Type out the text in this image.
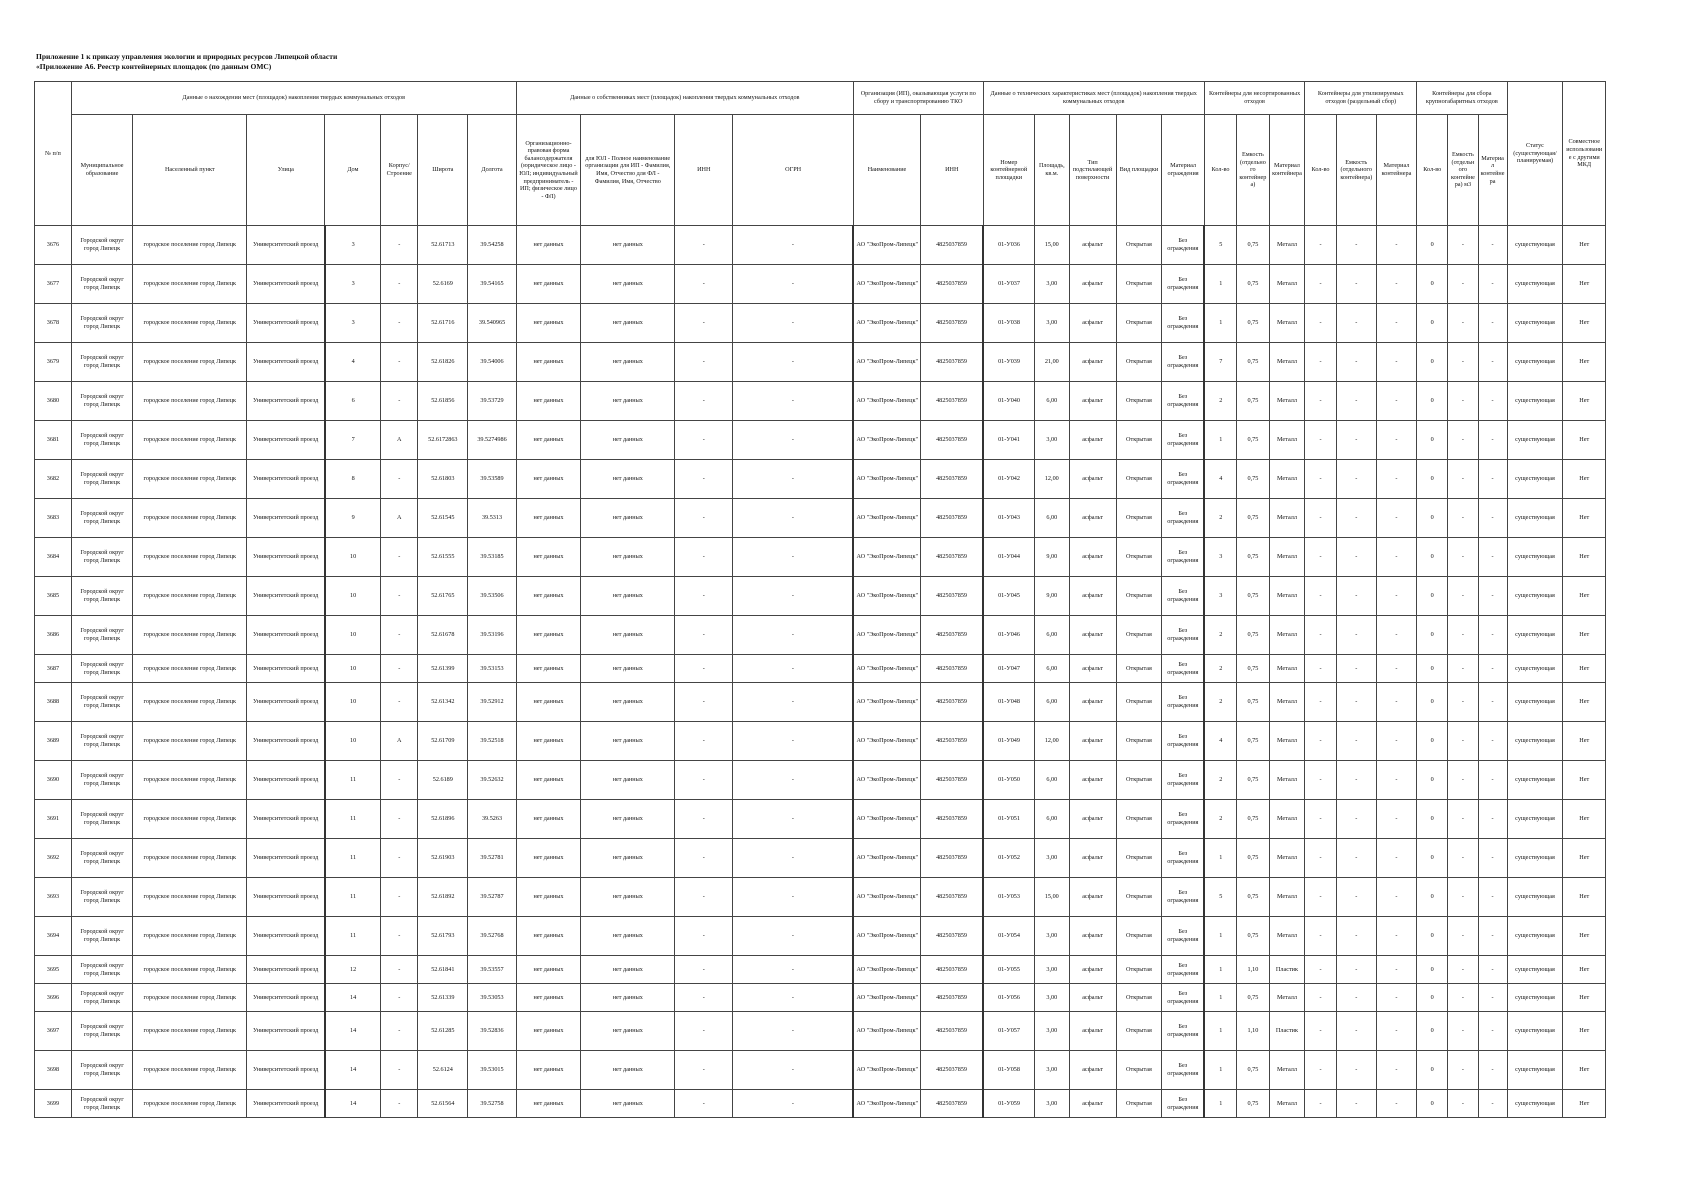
Приложение 1 к приказу управления экологии и природных ресурсов Липецкой области
«Приложение А6. Реестр контейнерных площадок (по данным ОМС)
№ п/п	Данные о нахождении мест (площадок) накопления твердых коммунальных отходов							Данные о собственниках мест (площадок) накопления твердых коммунальных отходов				Организация (ИП), оказывающая услуги по сбору и транспортированию ТКО		Данные о технических характеристиках мест (площадок) накопления твердых коммунальных отходов					Контейнеры для несортированных отходов			Контейнеры для утилизируемых отходов (раздельный сбор)			Контейнеры для сбора крупногабаритных отходов			Статус (существующая/планируемая)	Совместное использование с другими МКД
	Муниципальное образование	Населенный пункт	Улица	Дом	Корпус/Строение	Широта	Долгота	Организационно-правовая форма балансодержателя (юридическое лицо - ЮЛ; индивидуальный предприниматель - ИП; физическое лицо - ФЛ)	для ЮЛ - Полное наименование организации для ИП - Фамилия, Имя, Отчество для ФЛ - Фамилия, Имя, Отчество	ИНН	ОГРН	Наименование	ИНН	Номер контейнерной площадки	Площадь, кв.м.	Тип подстилающей поверхности	Вид площадки	Материал ограждения	Кол-во	Емкость (отдельного контейнера)	Материал контейнера	Кол-во	Емкость (отдельного контейнера)	Материал контейнера	Кол-во	Емкость (отдельного контейнера) м3	Материал контейнера		
3676	Городской округ город Липецк	городское поселение город Липецк	Университетский проезд	3	-	52.61713	39.54258	нет данных	нет данных	-	-	АО "ЭкоПром-Липецк"	4825037859	01-У036	15,00	асфальт	Открытая	Без ограждения	5	0,75	Металл	-	-	-	0	-	-	существующая	Нет
3677	Городской округ город Липецк	городское поселение город Липецк	Университетский проезд	3	-	52.6169	39.54165	нет данных	нет данных	-	-	АО "ЭкоПром-Липецк"	4825037859	01-У037	3,00	асфальт	Открытая	Без ограждения	1	0,75	Металл	-	-	-	0	-	-	существующая	Нет
3678	Городской округ город Липецк	городское поселение город Липецк	Университетский проезд	3	-	52.61716	39.540965	нет данных	нет данных	-	-	АО "ЭкоПром-Липецк"	4825037859	01-У038	3,00	асфальт	Открытая	Без ограждения	1	0,75	Металл	-	-	-	0	-	-	существующая	Нет
3679	Городской округ город Липецк	городское поселение город Липецк	Университетский проезд	4	-	52.61826	39.54006	нет данных	нет данных	-	-	АО "ЭкоПром-Липецк"	4825037859	01-У039	21,00	асфальт	Открытая	Без ограждения	7	0,75	Металл	-	-	-	0	-	-	существующая	Нет
3680	Городской округ город Липецк	городское поселение город Липецк	Университетский проезд	6	-	52.61856	39.53729	нет данных	нет данных	-	-	АО "ЭкоПром-Липецк"	4825037859	01-У040	6,00	асфальт	Открытая	Без ограждения	2	0,75	Металл	-	-	-	0	-	-	существующая	Нет
3681	Городской округ город Липецк	городское поселение город Липецк	Университетский проезд	7	А	52.6172863	39.5274986	нет данных	нет данных	-	-	АО "ЭкоПром-Липецк"	4825037859	01-У041	3,00	асфальт	Открытая	Без ограждения	1	0,75	Металл	-	-	-	0	-	-	существующая	Нет
3682	Городской округ город Липецк	городское поселение город Липецк	Университетский проезд	8	-	52.61803	39.53589	нет данных	нет данных	-	-	АО "ЭкоПром-Липецк"	4825037859	01-У042	12,00	асфальт	Открытая	Без ограждения	4	0,75	Металл	-	-	-	0	-	-	существующая	Нет
3683	Городской округ город Липецк	городское поселение город Липецк	Университетский проезд	9	А	52.61545	39.5313	нет данных	нет данных	-	-	АО "ЭкоПром-Липецк"	4825037859	01-У043	6,00	асфальт	Открытая	Без ограждения	2	0,75	Металл	-	-	-	0	-	-	существующая	Нет
3684	Городской округ город Липецк	городское поселение город Липецк	Университетский проезд	10	-	52.61555	39.53185	нет данных	нет данных	-	-	АО "ЭкоПром-Липецк"	4825037859	01-У044	9,00	асфальт	Открытая	Без ограждения	3	0,75	Металл	-	-	-	0	-	-	существующая	Нет
3685	Городской округ город Липецк	городское поселение город Липецк	Университетский проезд	10	-	52.61765	39.53506	нет данных	нет данных	-	-	АО "ЭкоПром-Липецк"	4825037859	01-У045	9,00	асфальт	Открытая	Без ограждения	3	0,75	Металл	-	-	-	0	-	-	существующая	Нет
3686	Городской округ город Липецк	городское поселение город Липецк	Университетский проезд	10	-	52.61678	39.53196	нет данных	нет данных	-	-	АО "ЭкоПром-Липецк"	4825037859	01-У046	6,00	асфальт	Открытая	Без ограждения	2	0,75	Металл	-	-	-	0	-	-	существующая	Нет
3687	Городской округ город Липецк	городское поселение город Липецк	Университетский проезд	10	-	52.61399	39.53153	нет данных	нет данных	-	-	АО "ЭкоПром-Липецк"	4825037859	01-У047	6,00	асфальт	Открытая	Без ограждения	2	0,75	Металл	-	-	-	0	-	-	существующая	Нет
3688	Городской округ город Липецк	городское поселение город Липецк	Университетский проезд	10	-	52.61342	39.52912	нет данных	нет данных	-	-	АО "ЭкоПром-Липецк"	4825037859	01-У048	6,00	асфальт	Открытая	Без ограждения	2	0,75	Металл	-	-	-	0	-	-	существующая	Нет
3689	Городской округ город Липецк	городское поселение город Липецк	Университетский проезд	10	А	52.61709	39.52518	нет данных	нет данных	-	-	АО "ЭкоПром-Липецк"	4825037859	01-У049	12,00	асфальт	Открытая	Без ограждения	4	0,75	Металл	-	-	-	0	-	-	существующая	Нет
3690	Городской округ город Липецк	городское поселение город Липецк	Университетский проезд	11	-	52.6189	39.52632	нет данных	нет данных	-	-	АО "ЭкоПром-Липецк"	4825037859	01-У050	6,00	асфальт	Открытая	Без ограждения	2	0,75	Металл	-	-	-	0	-	-	существующая	Нет
3691	Городской округ город Липецк	городское поселение город Липецк	Университетский проезд	11	-	52.61896	39.5263	нет данных	нет данных	-	-	АО "ЭкоПром-Липецк"	4825037859	01-У051	6,00	асфальт	Открытая	Без ограждения	2	0,75	Металл	-	-	-	0	-	-	существующая	Нет
3692	Городской округ город Липецк	городское поселение город Липецк	Университетский проезд	11	-	52.61903	39.52781	нет данных	нет данных	-	-	АО "ЭкоПром-Липецк"	4825037859	01-У052	3,00	асфальт	Открытая	Без ограждения	1	0,75	Металл	-	-	-	0	-	-	существующая	Нет
3693	Городской округ город Липецк	городское поселение город Липецк	Университетский проезд	11	-	52.61892	39.52787	нет данных	нет данных	-	-	АО "ЭкоПром-Липецк"	4825037859	01-У053	15,00	асфальт	Открытая	Без ограждения	5	0,75	Металл	-	-	-	0	-	-	существующая	Нет
3694	Городской округ город Липецк	городское поселение город Липецк	Университетский проезд	11	-	52.61793	39.52768	нет данных	нет данных	-	-	АО "ЭкоПром-Липецк"	4825037859	01-У054	3,00	асфальт	Открытая	Без ограждения	1	0,75	Металл	-	-	-	0	-	-	существующая	Нет
3695	Городской округ город Липецк	городское поселение город Липецк	Университетский проезд	12	-	52.61841	39.53557	нет данных	нет данных	-	-	АО "ЭкоПром-Липецк"	4825037859	01-У055	3,00	асфальт	Открытая	Без ограждения	1	1,10	Пластик	-	-	-	0	-	-	существующая	Нет
3696	Городской округ город Липецк	городское поселение город Липецк	Университетский проезд	14	-	52.61339	39.53053	нет данных	нет данных	-	-	АО "ЭкоПром-Липецк"	4825037859	01-У056	3,00	асфальт	Открытая	Без ограждения	1	0,75	Металл	-	-	-	0	-	-	существующая	Нет
3697	Городской округ город Липецк	городское поселение город Липецк	Университетский проезд	14	-	52.61285	39.52836	нет данных	нет данных	-	-	АО "ЭкоПром-Липецк"	4825037859	01-У057	3,00	асфальт	Открытая	Без ограждения	1	1,10	Пластик	-	-	-	0	-	-	существующая	Нет
3698	Городской округ город Липецк	городское поселение город Липецк	Университетский проезд	14	-	52.6124	39.53015	нет данных	нет данных	-	-	АО "ЭкоПром-Липецк"	4825037859	01-У058	3,00	асфальт	Открытая	Без ограждения	1	0,75	Металл	-	-	-	0	-	-	существующая	Нет
3699	Городской округ город Липецк	городское поселение город Липецк	Университетский проезд	14	-	52.61564	39.52758	нет данных	нет данных	-	-	АО "ЭкоПром-Липецк"	4825037859	01-У059	3,00	асфальт	Открытая	Без ограждения	1	0,75	Металл	-	-	-	0	-	-	существующая	Нет
